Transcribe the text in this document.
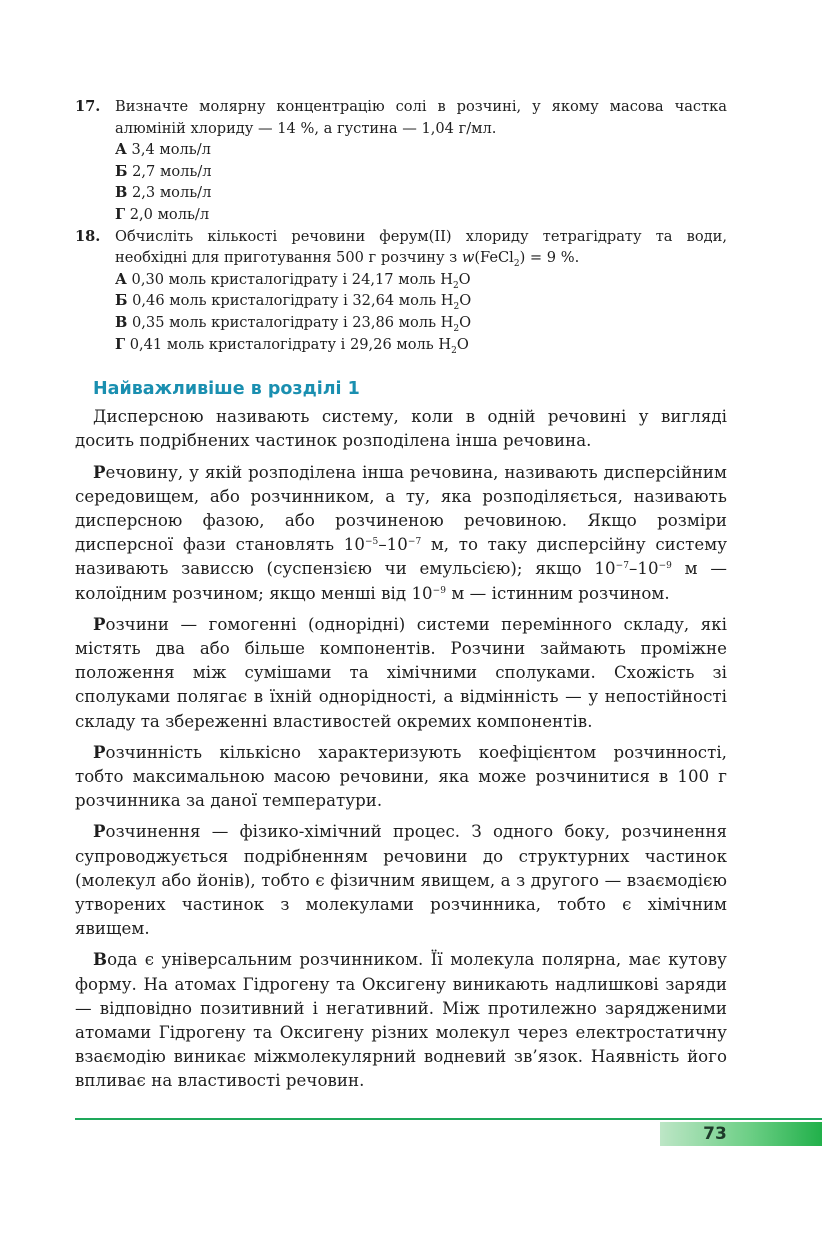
17.	Визначте молярну концентрацію солі в розчині, у якому масова частка алюміній хлориду — 14 %, а густина — 1,04 г/мл.
А 3,4 моль/л
Б 2,7 моль/л
В 2,3 моль/л
Г 2,0 моль/л
18.	Обчисліть кількості речовини ферум(ІІ) хлориду тетрагідрату та води, необхідні для приготування 500 г розчину з w(FeCl$_2$) = 9 %.
А 0,30 моль кристалогідрату і 24,17 моль $H_2O$
Б 0,46 моль кристалогідрату і 32,64 моль $H_2O$
В 0,35 моль кристалогідрату і 23,86 моль $H_2O$
Г 0,41 моль кристалогідрату і 29,26 моль $H_2O$
Найважливіше в розділі 1

Дисперсною називають систему, коли в одній речовині у вигляді досить подрібнених частинок розподілена інша речовина.

Речовину, у якій розподілена інша речовина, називають дисперсійним середовищем, або розчинником, а ту, яка розподіляється, називають дисперсною фазою, або розчиненою речовиною. Якщо розміри дисперсної фази становлять $10^{-5}-10^{-7}$ м, то таку дисперсійну систему називають зависсю (суспензією чи емульсією); якщо $10^{-7}-10^{-9}$ м — колоїдним розчином; якщо менші від $10^{-9}$ м — істинним розчином.

Розчини — гомогенні (однорідні) системи перемінного складу, які містять два або більше компонентів. Розчини займають проміжне положення між сумішами та хімічними сполуками. Схожість зі сполуками полягає в їхній однорідності, а відмінність — у непостійності складу та збереженні властивостей окремих компонентів.

Розчинність кількісно характеризують коефіцієнтом розчинності, тобто максимальною масою речовини, яка може розчинитися в 100 г розчинника за даної температури.

Розчинення — фізико-хімічний процес. З одного боку, розчинення супроводжується подрібненням речовини до структурних частинок (молекул або йонів), тобто є фізичним явищем, а з другого — взаємодією утворених частинок з молекулами розчинника, тобто є хімічним явищем.

Вода є універсальним розчинником. Її молекула полярна, має кутову форму. На атомах Гідрогену та Оксигену виникають надлишкові заряди — відповідно позитивний і негативний. Між протилежно зарядженими атомами Гідрогену та Оксигену різних молекул через електростатичну взаємодію виникає міжмолекулярний водневий зв’язок. Наявність його впливає на властивості речовин.

73
